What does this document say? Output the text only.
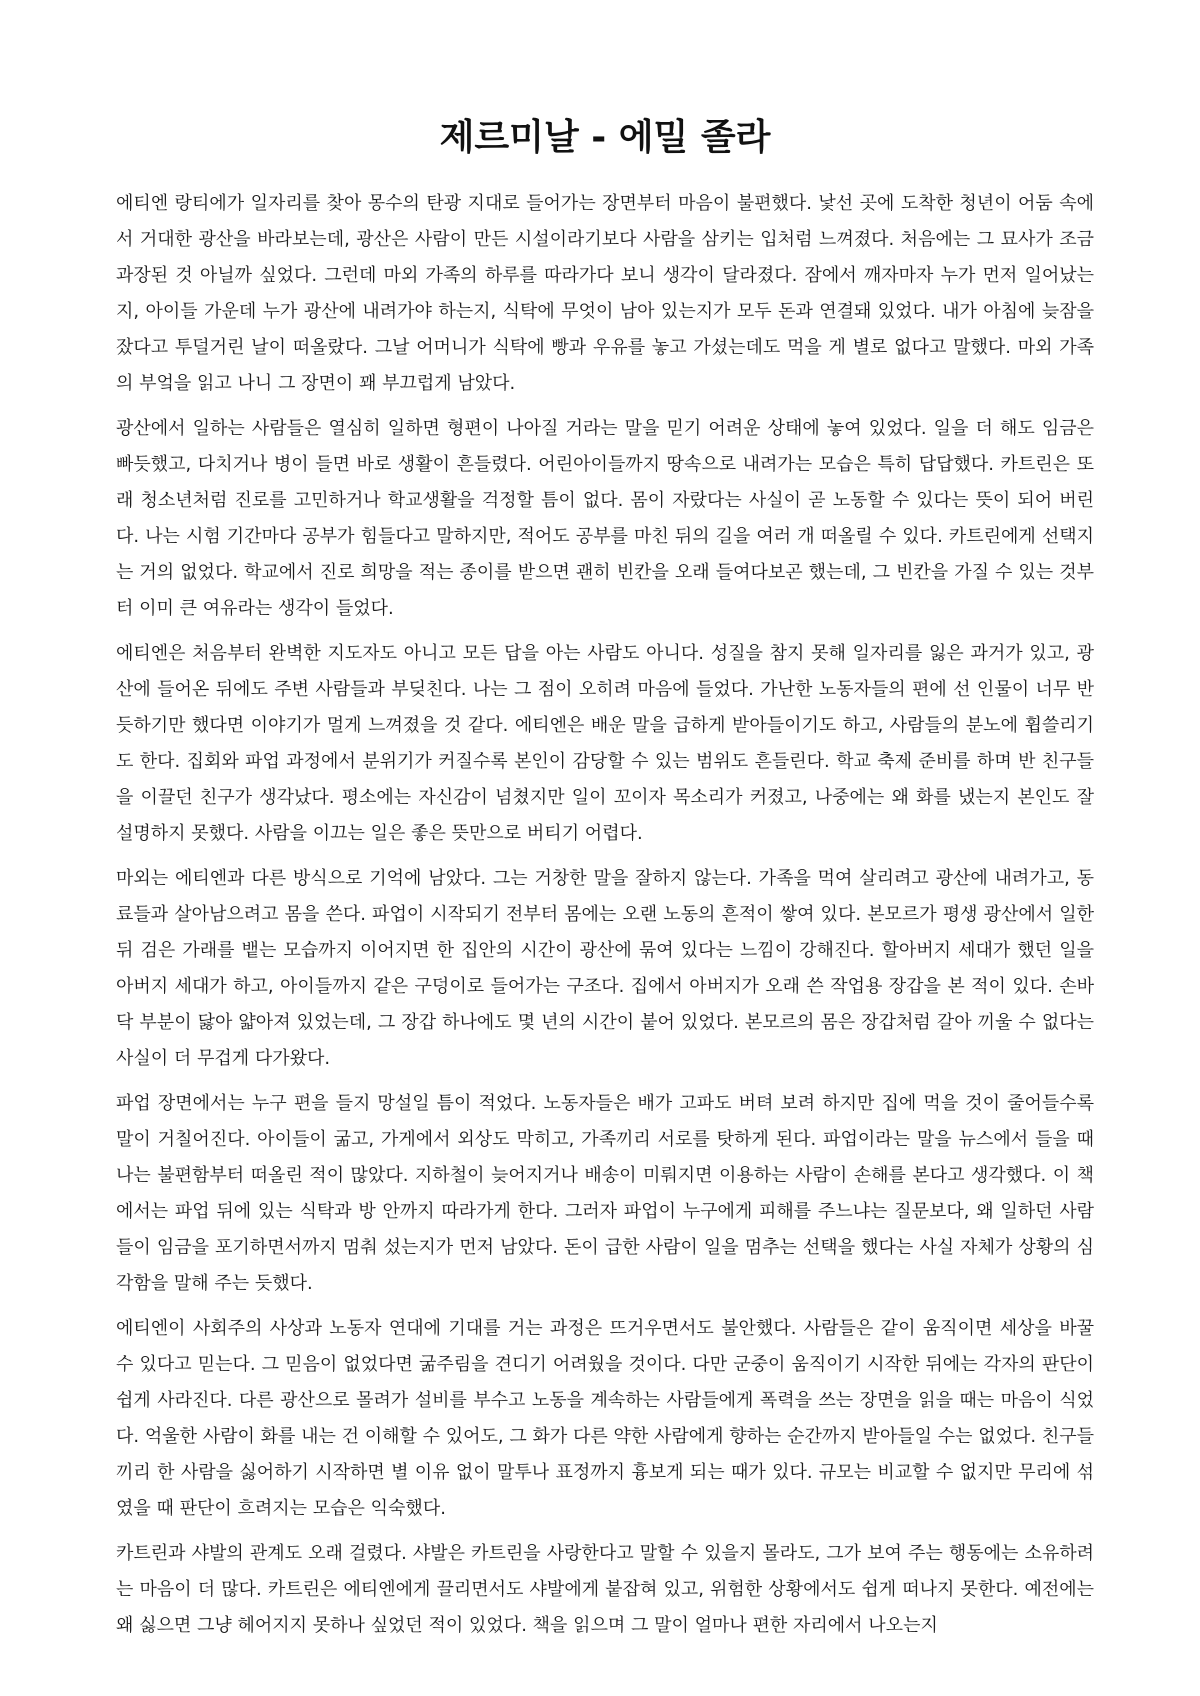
제르미날 - 에밀 졸라

에티엔 랑티에가 일자리를 찾아 몽수의 탄광 지대로 들어가는 장면부터 마음이 불편했다. 낯선 곳에 도착한 청년이 어둠 속에서 거대한 광산을 바라보는데, 광산은 사람이 만든 시설이라기보다 사람을 삼키는 입처럼 느껴졌다. 처음에는 그 묘사가 조금 과장된 것 아닐까 싶었다. 그런데 마외 가족의 하루를 따라가다 보니 생각이 달라졌다. 잠에서 깨자마자 누가 먼저 일어났는지, 아이들 가운데 누가 광산에 내려가야 하는지, 식탁에 무엇이 남아 있는지가 모두 돈과 연결돼 있었다. 내가 아침에 늦잠을 잤다고 투덜거린 날이 떠올랐다. 그날 어머니가 식탁에 빵과 우유를 놓고 가셨는데도 먹을 게 별로 없다고 말했다. 마외 가족의 부엌을 읽고 나니 그 장면이 꽤 부끄럽게 남았다.

광산에서 일하는 사람들은 열심히 일하면 형편이 나아질 거라는 말을 믿기 어려운 상태에 놓여 있었다. 일을 더 해도 임금은 빠듯했고, 다치거나 병이 들면 바로 생활이 흔들렸다. 어린아이들까지 땅속으로 내려가는 모습은 특히 답답했다. 카트린은 또래 청소년처럼 진로를 고민하거나 학교생활을 걱정할 틈이 없다. 몸이 자랐다는 사실이 곧 노동할 수 있다는 뜻이 되어 버린다. 나는 시험 기간마다 공부가 힘들다고 말하지만, 적어도 공부를 마친 뒤의 길을 여러 개 떠올릴 수 있다. 카트린에게 선택지는 거의 없었다. 학교에서 진로 희망을 적는 종이를 받으면 괜히 빈칸을 오래 들여다보곤 했는데, 그 빈칸을 가질 수 있는 것부터 이미 큰 여유라는 생각이 들었다.

에티엔은 처음부터 완벽한 지도자도 아니고 모든 답을 아는 사람도 아니다. 성질을 참지 못해 일자리를 잃은 과거가 있고, 광산에 들어온 뒤에도 주변 사람들과 부딪친다. 나는 그 점이 오히려 마음에 들었다. 가난한 노동자들의 편에 선 인물이 너무 반듯하기만 했다면 이야기가 멀게 느껴졌을 것 같다. 에티엔은 배운 말을 급하게 받아들이기도 하고, 사람들의 분노에 휩쓸리기도 한다. 집회와 파업 과정에서 분위기가 커질수록 본인이 감당할 수 있는 범위도 흔들린다. 학교 축제 준비를 하며 반 친구들을 이끌던 친구가 생각났다. 평소에는 자신감이 넘쳤지만 일이 꼬이자 목소리가 커졌고, 나중에는 왜 화를 냈는지 본인도 잘 설명하지 못했다. 사람을 이끄는 일은 좋은 뜻만으로 버티기 어렵다.

마외는 에티엔과 다른 방식으로 기억에 남았다. 그는 거창한 말을 잘하지 않는다. 가족을 먹여 살리려고 광산에 내려가고, 동료들과 살아남으려고 몸을 쓴다. 파업이 시작되기 전부터 몸에는 오랜 노동의 흔적이 쌓여 있다. 본모르가 평생 광산에서 일한 뒤 검은 가래를 뱉는 모습까지 이어지면 한 집안의 시간이 광산에 묶여 있다는 느낌이 강해진다. 할아버지 세대가 했던 일을 아버지 세대가 하고, 아이들까지 같은 구덩이로 들어가는 구조다. 집에서 아버지가 오래 쓴 작업용 장갑을 본 적이 있다. 손바닥 부분이 닳아 얇아져 있었는데, 그 장갑 하나에도 몇 년의 시간이 붙어 있었다. 본모르의 몸은 장갑처럼 갈아 끼울 수 없다는 사실이 더 무겁게 다가왔다.

파업 장면에서는 누구 편을 들지 망설일 틈이 적었다. 노동자들은 배가 고파도 버텨 보려 하지만 집에 먹을 것이 줄어들수록 말이 거칠어진다. 아이들이 굶고, 가게에서 외상도 막히고, 가족끼리 서로를 탓하게 된다. 파업이라는 말을 뉴스에서 들을 때 나는 불편함부터 떠올린 적이 많았다. 지하철이 늦어지거나 배송이 미뤄지면 이용하는 사람이 손해를 본다고 생각했다. 이 책에서는 파업 뒤에 있는 식탁과 방 안까지 따라가게 한다. 그러자 파업이 누구에게 피해를 주느냐는 질문보다, 왜 일하던 사람들이 임금을 포기하면서까지 멈춰 섰는지가 먼저 남았다. 돈이 급한 사람이 일을 멈추는 선택을 했다는 사실 자체가 상황의 심각함을 말해 주는 듯했다.

에티엔이 사회주의 사상과 노동자 연대에 기대를 거는 과정은 뜨거우면서도 불안했다. 사람들은 같이 움직이면 세상을 바꿀 수 있다고 믿는다. 그 믿음이 없었다면 굶주림을 견디기 어려웠을 것이다. 다만 군중이 움직이기 시작한 뒤에는 각자의 판단이 쉽게 사라진다. 다른 광산으로 몰려가 설비를 부수고 노동을 계속하는 사람들에게 폭력을 쓰는 장면을 읽을 때는 마음이 식었다. 억울한 사람이 화를 내는 건 이해할 수 있어도, 그 화가 다른 약한 사람에게 향하는 순간까지 받아들일 수는 없었다. 친구들끼리 한 사람을 싫어하기 시작하면 별 이유 없이 말투나 표정까지 흉보게 되는 때가 있다. 규모는 비교할 수 없지만 무리에 섞였을 때 판단이 흐려지는 모습은 익숙했다.

카트린과 샤발의 관계도 오래 걸렸다. 샤발은 카트린을 사랑한다고 말할 수 있을지 몰라도, 그가 보여 주는 행동에는 소유하려는 마음이 더 많다. 카트린은 에티엔에게 끌리면서도 샤발에게 붙잡혀 있고, 위험한 상황에서도 쉽게 떠나지 못한다. 예전에는 왜 싫으면 그냥 헤어지지 못하나 싶었던 적이 있었다. 책을 읽으며 그 말이 얼마나 편한 자리에서 나오는지
